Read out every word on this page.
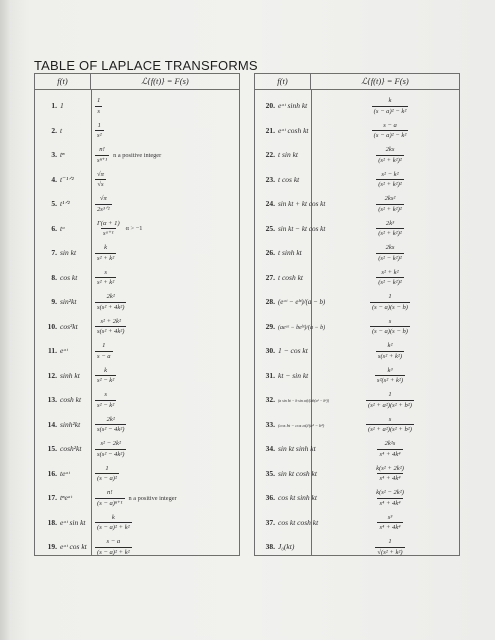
TABLE OF LAPLACE TRANSFORMS
f(t)	ℒ{f(t)} = F(s)
1. 1	$\frac{1}{s}$
2. t	$\frac{1}{\text{s²}}$
3. tⁿ	$\frac{n!}{\text{sⁿ⁺¹}}$ n a positive integer
4. t⁻¹ᐟ²	$\frac{√\pi}{√s}$
5. t¹ᐟ²	$\frac{√\pi}{\text{2s³ᐟ²}}$
6. tᵅ	$\frac{\Gamma(\alpha + 1)}{\text{sᵅ⁺¹}}$ α > −1
7. sin kt	$\frac{k}{\text{s² + k²}}$
8. cos kt	$\frac{s}{\text{s² + k²}}$
9. sin²kt	$\frac{\text{2k²}}{\text{s(s² + 4k²)}}$
10. cos²kt	$\frac{\text{s² + 2k²}}{\text{s(s² + 4k²)}}$
11. eᵃᵗ	$\frac{1}{s - a}$
12. sinh kt	$\frac{k}{\text{s² − k²}}$
13. cosh kt	$\frac{s}{\text{s² − k²}}$
14. sinh²kt	$\frac{\text{2k²}}{\text{s(s² − 4k²)}}$
15. cosh²kt	$\frac{\text{s² − 2k²}}{\text{s(s² − 4k²)}}$
16. teᵃᵗ	$\frac{1}{\text{(s − a)²}}$
17. tⁿeᵃᵗ	$\frac{n!}{\text{(s − a)ⁿ⁺¹}}$ n a positive integer
18. eᵃᵗ sin kt	$\frac{k}{\text{(s − a)² + k²}}$
19. eᵃᵗ cos kt	$\frac{s - a}{\text{(s − a)² + k²}}$
f(t)	ℒ{f(t)} = F(s)
20. eᵃᵗ sinh kt	$\frac{k}{\text{(s − a)² − k²}}$
21. eᵃᵗ cosh kt	$\frac{s - a}{\text{(s − a)² − k²}}$
22. t sin kt	$\frac{2ks}{\text{(s² + k²)²}}$
23. t cos kt	$\frac{\text{s² − k²}}{\text{(s² + k²)²}}$
24. sin kt + kt cos kt	$\frac{\text{2ks²}}{\text{(s² + k²)²}}$
25. sin kt − kt cos kt	$\frac{\text{2k³}}{\text{(s² + k²)²}}$
26. t sinh kt	$\frac{2ks}{\text{(s² − k²)²}}$
27. t cosh kt	$\frac{\text{s² + k²}}{\text{(s² − k²)²}}$
28. (eᵃᵗ − eᵇᵗ)/(a − b)	$\frac{1}{(s - a)(s - b)}$
29. (aeᵃᵗ − beᵇᵗ)/(a − b)	$\frac{s}{(s - a)(s - b)}$
30. 1 − cos kt	$\frac{\text{k²}}{\text{s(s² + k²)}}$
31. kt − sin kt	$\frac{\text{k³}}{\text{s²(s² + k²)}}$
32. (a sin bt − b sin at)/(ab(a² − b²))	$\frac{1}{\text{(s² + a²)(s² + b²)}}$
33. (cos bt − cos at)/(a² − b²)	$\frac{s}{\text{(s² + a²)(s² + b²)}}$
34. sin kt sinh kt	$\frac{\text{2k²s}}{\text{s⁴ + 4k⁴}}$
35. sin kt cosh kt	$\frac{\text{k(s² + 2k²)}}{\text{s⁴ + 4k⁴}}$
36. cos kt sinh kt	$\frac{\text{k(s² − 2k²)}}{\text{s⁴ + 4k⁴}}$
37. cos kt cosh kt	$\frac{\text{s³}}{\text{s⁴ + 4k⁴}}$
38. J₀(kt)	$\frac{1}{\text{√(s² + k²)}}$
